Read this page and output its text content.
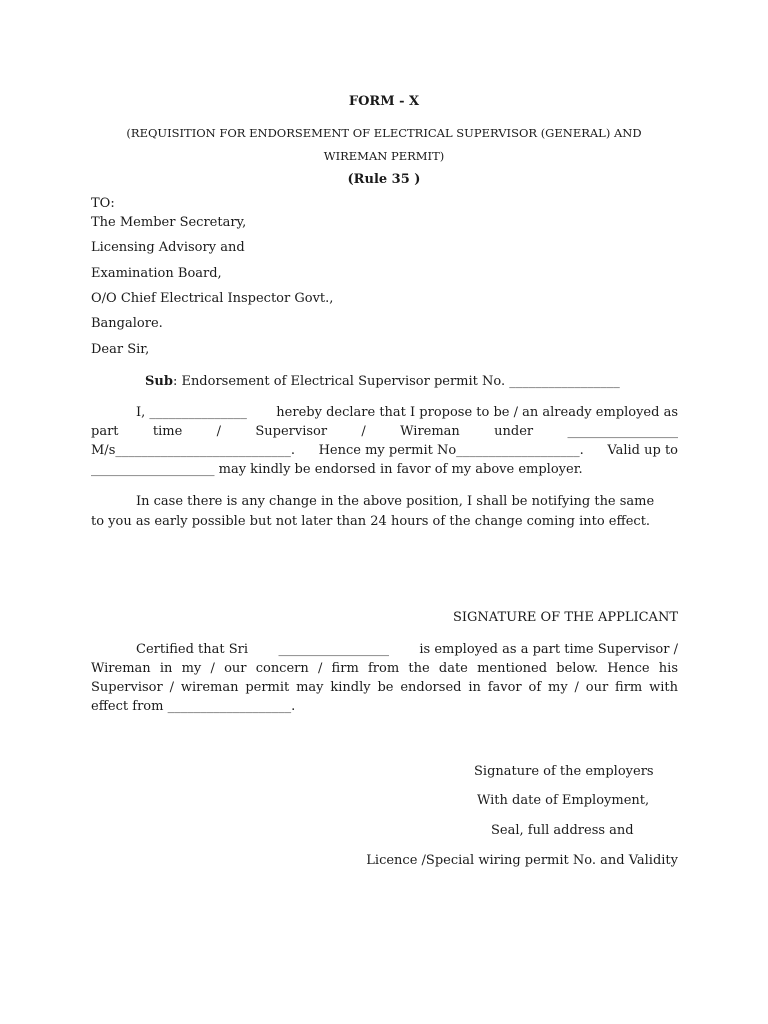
FORM - X
(REQUISITION FOR ENDORSEMENT OF ELECTRICAL SUPERVISOR (GENERAL) AND
WIREMAN PERMIT)
(Rule 35 )
TO:
The Member Secretary,
Licensing Advisory and
Examination Board,
O/O Chief Electrical Inspector Govt.,
Bangalore.
Dear Sir,
Sub: Endorsement of Electrical Supervisor permit No. _________________
I, _______________ hereby declare that I propose to be / an already employed as
part	time	/	Supervisor	/	Wireman	under	_________________
M/s___________________________. Hence my permit No___________________. Valid up to
___________________ may kindly be endorsed in favor of my above employer.
In case there is any change in the above position, I shall be notifying the same
to you as early possible but not later than 24 hours of the change coming into effect.
SIGNATURE OF THE APPLICANT
Certified that Sri _________________ is employed as a part time Supervisor /
Wireman in my / our concern / firm from the date mentioned below. Hence his
Supervisor / wireman permit may kindly be endorsed in favor of my / our firm with
effect from ___________________.
Signature of the employers
With date of Employment,
Seal, full address and
Licence /Special wiring permit No. and Validity
